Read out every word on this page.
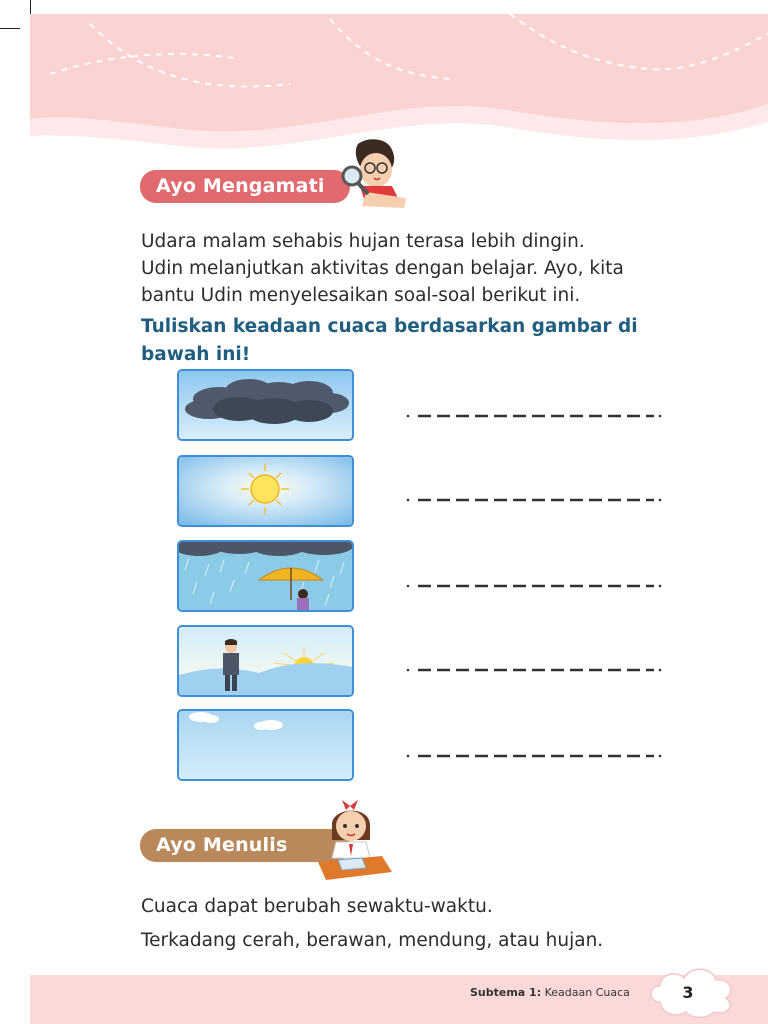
Ayo Mengamati
Udara malam sehabis hujan terasa lebih dingin.
Udin melanjutkan aktivitas dengan belajar. Ayo, kita
bantu Udin menyelesaikan soal-soal berikut ini.
Tuliskan keadaan cuaca berdasarkan gambar di
bawah ini!
Ayo Menulis
Cuaca dapat berubah sewaktu-waktu.
Terkadang cerah, berawan, mendung, atau hujan.
Subtema 1: Keadaan Cuaca	3
